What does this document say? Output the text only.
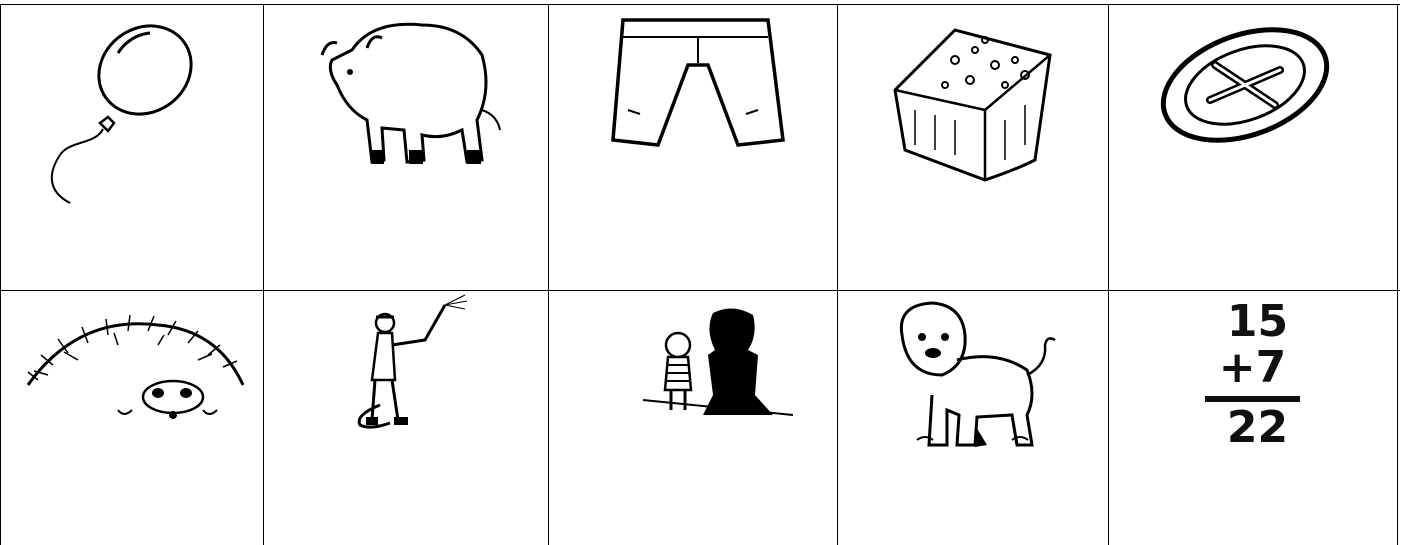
15
+7
22
